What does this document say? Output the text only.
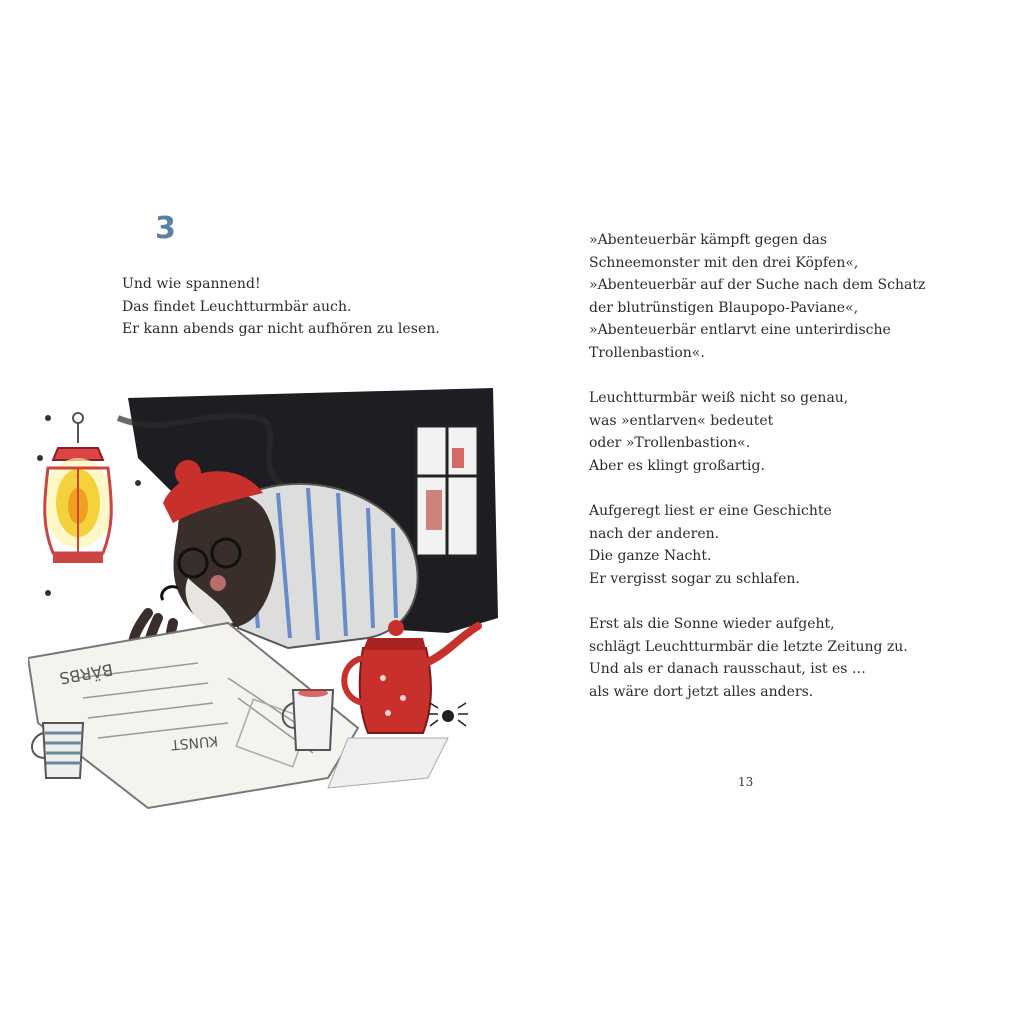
3
Und wie spannend!
Das findet Leuchtturmbär auch.
Er kann abends gar nicht aufhören zu lesen.
BÄRBS
KUNST
»Abenteuerbär kämpft gegen das
Schneemonster mit den drei Köpfen«,
»Abenteuerbär auf der Suche nach dem Schatz
der blutrünstigen Blaupopo-Paviane«,
»Abenteuerbär entlarvt eine unterirdische
Trollenbastion«.
Leuchtturmbär weiß nicht so genau,
was »entlarven« bedeutet
oder »Trollenbastion«.
Aber es klingt großartig.
Aufgeregt liest er eine Geschichte
nach der anderen.
Die ganze Nacht.
Er vergisst sogar zu schlafen.
Erst als die Sonne wieder aufgeht,
schlägt Leuchtturmbär die letzte Zeitung zu.
Und als er danach rausschaut, ist es …
als wäre dort jetzt alles anders.
13
